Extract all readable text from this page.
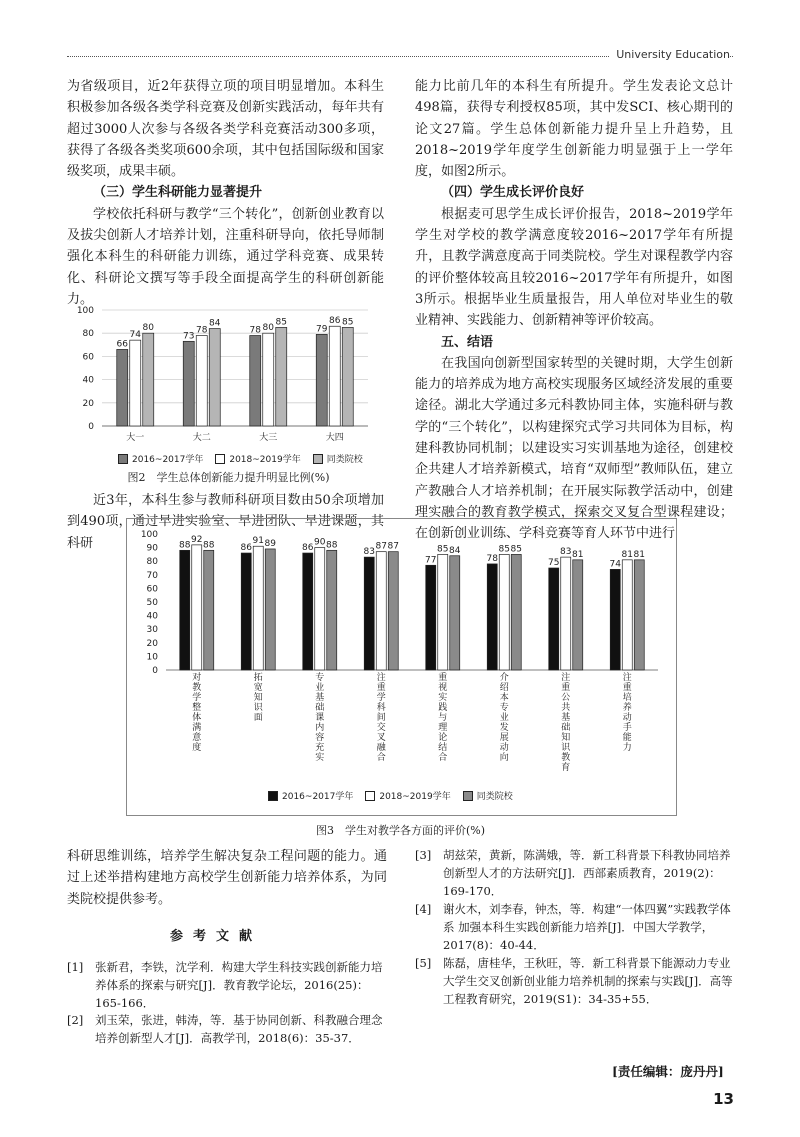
University Education

为省级项目，近2年获得立项的项目明显增加。本科生积极参加各级各类学科竞赛及创新实践活动，每年共有超过3000人次参与各级各类学科竞赛活动300多项，获得了各级各类奖项600余项，其中包括国际级和国家级奖项，成果丰硕。

（三）学生科研能力显著提升

学校依托科研与教学“三个转化”，创新创业教育以及拔尖创新人才培养计划，注重科研导向，依托导师制强化本科生的科研能力训练，通过学科竞赛、成果转化、科研论文撰写等手段全面提高学生的科研创新能力。

0
20
40
60
80
100
66
74
80
大一
73
78
84
大二
78 80
85
大三
79
86 85
大四
2016~2017学年	2018~2019学年	同类院校
图2　学生总体创新能力提升明显比例(%)

近3年，本科生参与教师科研项目数由50余项增加到490项，通过早进实验室、早进团队、早进课题，其科研

能力比前几年的本科生有所提升。学生发表论文总计498篇，获得专利授权85项，其中发SCI、核心期刊的论文27篇。学生总体创新能力提升呈上升趋势，且2018~2019学年度学生创新能力明显强于上一学年度，如图2所示。

（四）学生成长评价良好

根据麦可思学生成长评价报告，2018~2019学年学生对学校的教学满意度较2016~2017学年有所提升，且教学满意度高于同类院校。学生对课程教学内容的评价整体较高且较2016~2017学年有所提升，如图3所示。根据毕业生质量报告，用人单位对毕业生的敬业精神、实践能力、创新精神等评价较高。

五、结语

在我国向创新型国家转型的关键时期，大学生创新能力的培养成为地方高校实现服务区域经济发展的重要途径。湖北大学通过多元科教协同主体，实施科研与教学的“三个转化”，以构建探究式学习共同体为目标，构建科教协同机制；以建设实习实训基地为途径，创建校企共建人才培养新模式，培育“双师型”教师队伍，建立产教融合人才培养机制；在开展实际教学活动中，创建理实融合的教育教学模式，探索交叉复合型课程建设；在创新创业训练、学科竞赛等育人环节中进行

0
10
20
30
40
50
60
70
80
90
100
88
92
88
对教学整体满意度
86
91 89
拓宽知识面
86
90 88
专业基础课内容充实
83
87 87
注重学科间交叉融合
77
85 84
重视实践与理论结合
78
85 85
介绍本专业发展动向
75
83 81
注重公共基础知识教育
74
81 81
注重培养动手能力
2016~2017学年	2018~2019学年	同类院校
图3　学生对教学各方面的评价(%)

科研思维训练，培养学生解决复杂工程问题的能力。通过上述举措构建地方高校学生创新能力培养体系，为同类院校提供参考。

参考文献
[1] 张新君，李铁，沈学利．构建大学生科技实践创新能力培养体系的探索与研究[J]．教育教学论坛，2016(25)：165-166．
[2] 刘玉荣，张进，韩涛，等．基于协同创新、科教融合理念培养创新型人才[J]．高教学刊，2018(6)：35-37．
[3] 胡兹荣，黄新，陈满娥，等．新工科背景下科教协同培养创新型人才的方法研究[J]．西部素质教育，2019(2)：169-170．
[4] 谢火木，刘李春，钟杰，等．构建“一体四翼”实践教学体系 加强本科生实践创新能力培养[J]．中国大学教学，2017(8)：40-44．
[5] 陈磊，唐桂华，王秋旺，等．新工科背景下能源动力专业大学生交叉创新创业能力培养机制的探索与实践[J]．高等工程教育研究，2019(S1)：34-35+55．
[责任编辑：庞丹丹]
13
